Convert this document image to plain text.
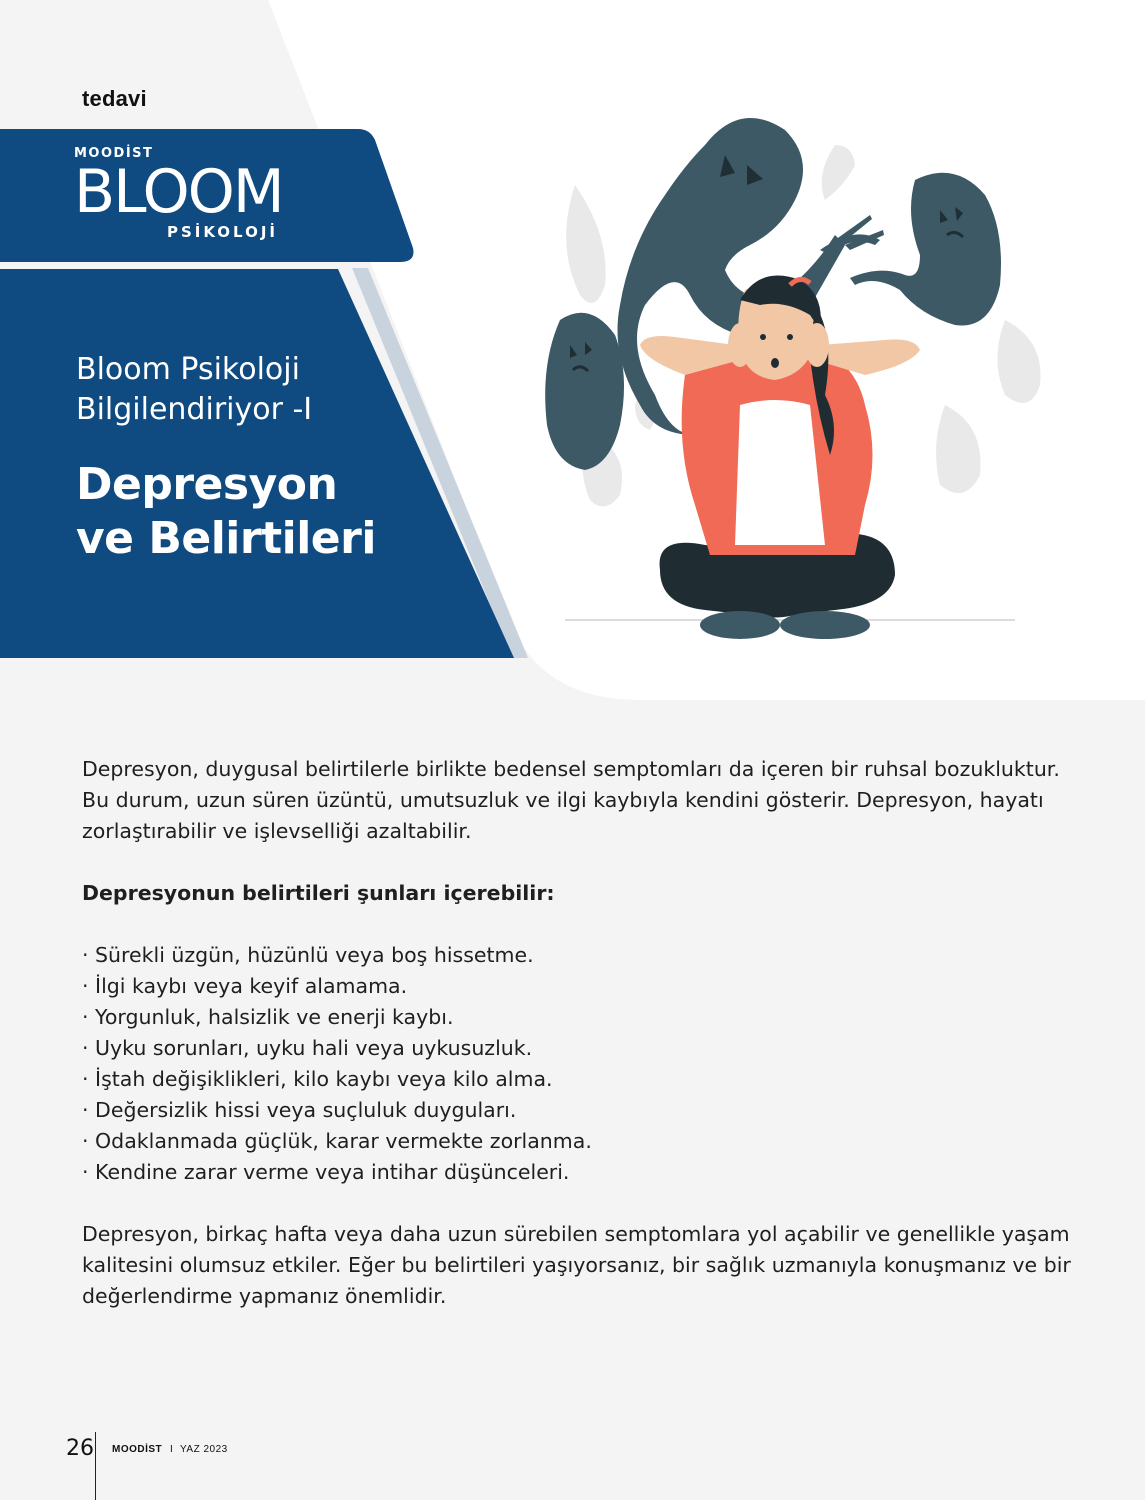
tedavi
MOODİST
BLOOM
PSİKOLOJİ
Bloom Psikoloji
Bilgilendiriyor -I
Depresyon
ve Belirtileri

Depresyon, duygusal belirtilerle birlikte bedensel semptomları da içeren bir ruhsal bozukluktur. Bu durum, uzun süren üzüntü, umutsuzluk ve ilgi kaybıyla kendini gösterir. Depresyon, hayatı zorlaştırabilir ve işlevselliği azaltabilir.

Depresyonun belirtileri şunları içerebilir:

· Sürekli üzgün, hüzünlü veya boş hissetme.
· İlgi kaybı veya keyif alamama.
· Yorgunluk, halsizlik ve enerji kaybı.
· Uyku sorunları, uyku hali veya uykusuzluk.
· İştah değişiklikleri, kilo kaybı veya kilo alma.
· Değersizlik hissi veya suçluluk duyguları.
· Odaklanmada güçlük, karar vermekte zorlanma.
· Kendine zarar verme veya intihar düşünceleri.

Depresyon, birkaç hafta veya daha uzun sürebilen semptomlara yol açabilir ve genellikle yaşam kalitesini olumsuz etkiler. Eğer bu belirtileri yaşıyorsanız, bir sağlık uzmanıyla konuşmanız ve bir değerlendirme yapmanız önemlidir.

26 MOODİST I YAZ 2023
